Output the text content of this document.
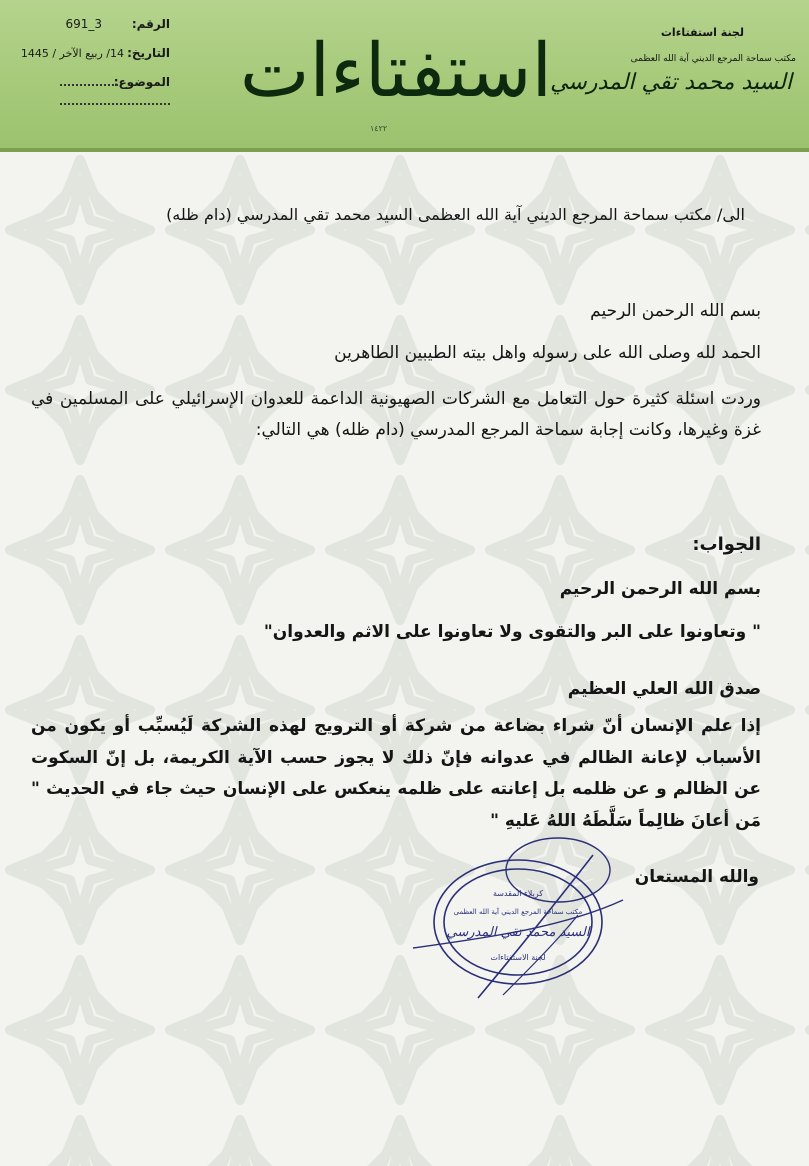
الرقم:
691_3
التاريخ:
14/ ربيع الآخر / 1445
الموضوع: استفتاءات
١٤٢٢
لجنة استفتاءات
مكتب سماحة المرجع الديني آية الله العظمى
السيد محمد تقي المدرسي
الى/ مكتب سماحة المرجع الديني آية الله العظمى السيد محمد تقي المدرسي (دام ظله)
بسم الله الرحمن الرحيم
الحمد لله وصلى الله على رسوله واهل بيته الطيبين الطاهرين
وردت اسئلة كثيرة حول التعامل مع الشركات الصهيونية الداعمة للعدوان الإسرائيلي على المسلمين في غزة وغيرها، وكانت إجابة سماحة المرجع المدرسي (دام ظله) هي التالي:
الجواب:
بسم الله الرحمن الرحيم
" وتعاونوا على البر والتقوى ولا تعاونوا على الاثم والعدوان"
صدق الله العلي العظيم
إذا علم الإنسان أنّ شراء بضاعة من شركة أو الترويج لهذه الشركة لَيُسبِّب أو يكون من الأسباب لإعانة الظالم في عدوانه فإنّ ذلك لا يجوز حسب الآية الكريمة، بل إنّ السكوت عن الظالم و عن ظلمه بل إعانته على ظلمه ينعكس على الإنسان حيث جاء في الحديث " مَن أعانَ ظالِماً سَلَّطَهُ اللهُ عَليهِ "
والله المستعان
كربلاء المقدسة
مكتب سماحة المرجع الديني آية الله العظمى
السيد محمد تقي المدرسي
لجنة الاستفتاءات
